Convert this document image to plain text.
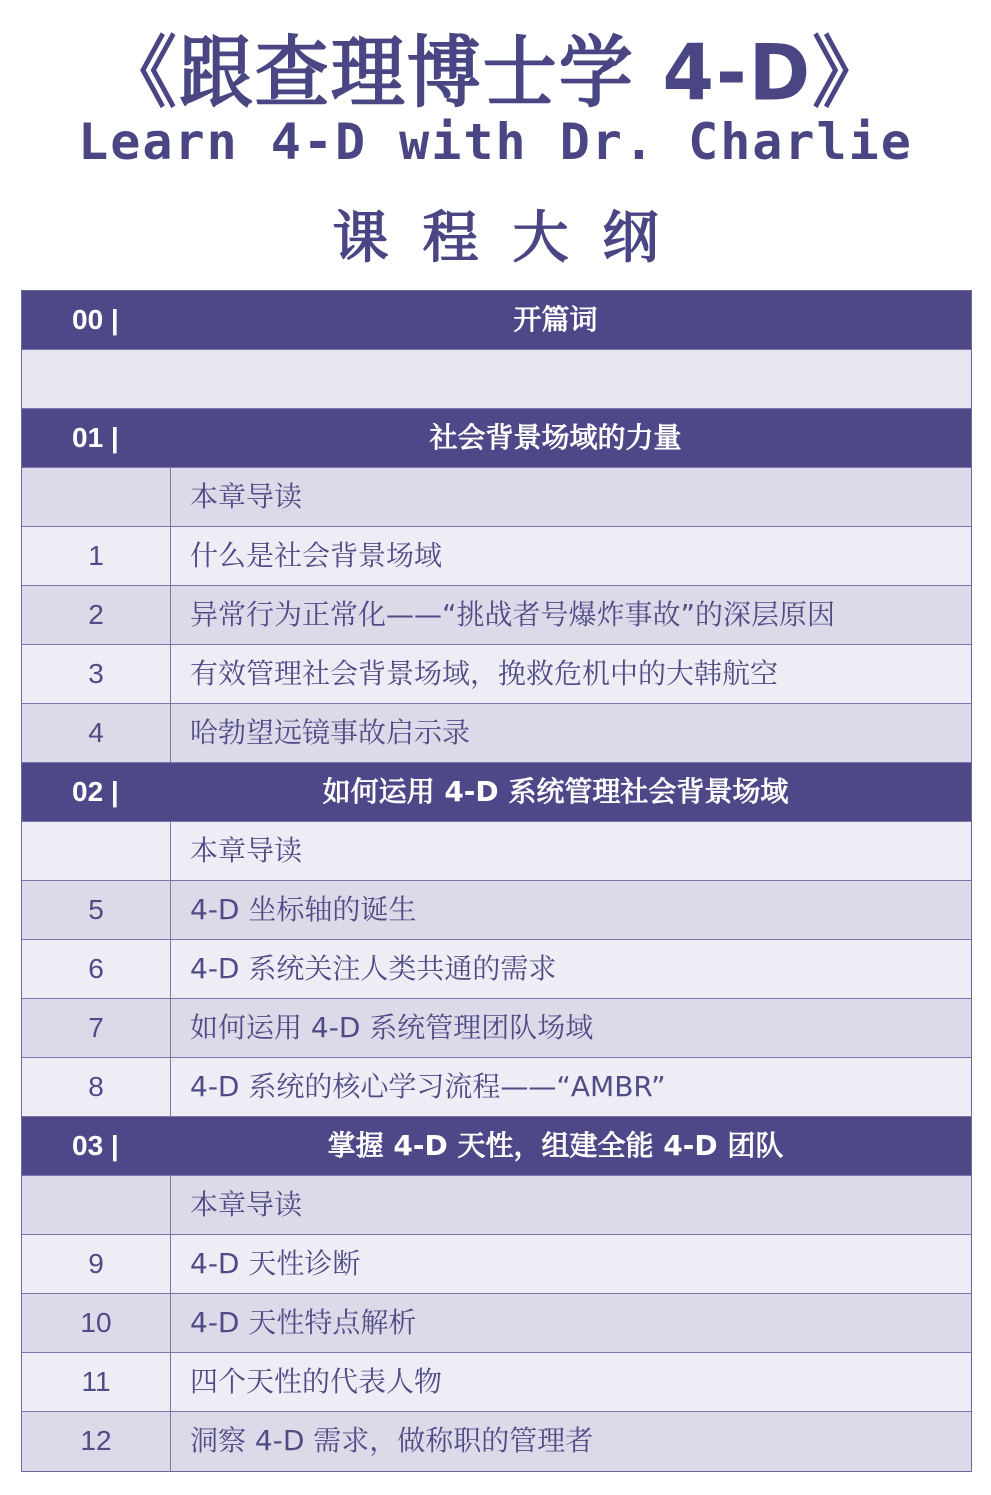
《跟查理博士学 4-D》
Learn 4-D with Dr. Charlie
课程大纲
00 |	开篇词
01 |	社会背景场域的力量
本章导读
1	什么是社会背景场域
2	异常行为正常化——“挑战者号爆炸事故”的深层原因
3	有效管理社会背景场域，挽救危机中的大韩航空
4	哈勃望远镜事故启示录
02 |	如何运用 4-D 系统管理社会背景场域
本章导读
5	4-D 坐标轴的诞生
6	4-D 系统关注人类共通的需求
7	如何运用 4-D 系统管理团队场域
8	4-D 系统的核心学习流程——“AMBR”
03 |	掌握 4-D 天性，组建全能 4-D 团队
本章导读
9	4-D 天性诊断
10	4-D 天性特点解析
11	四个天性的代表人物
12	洞察 4-D 需求，做称职的管理者
